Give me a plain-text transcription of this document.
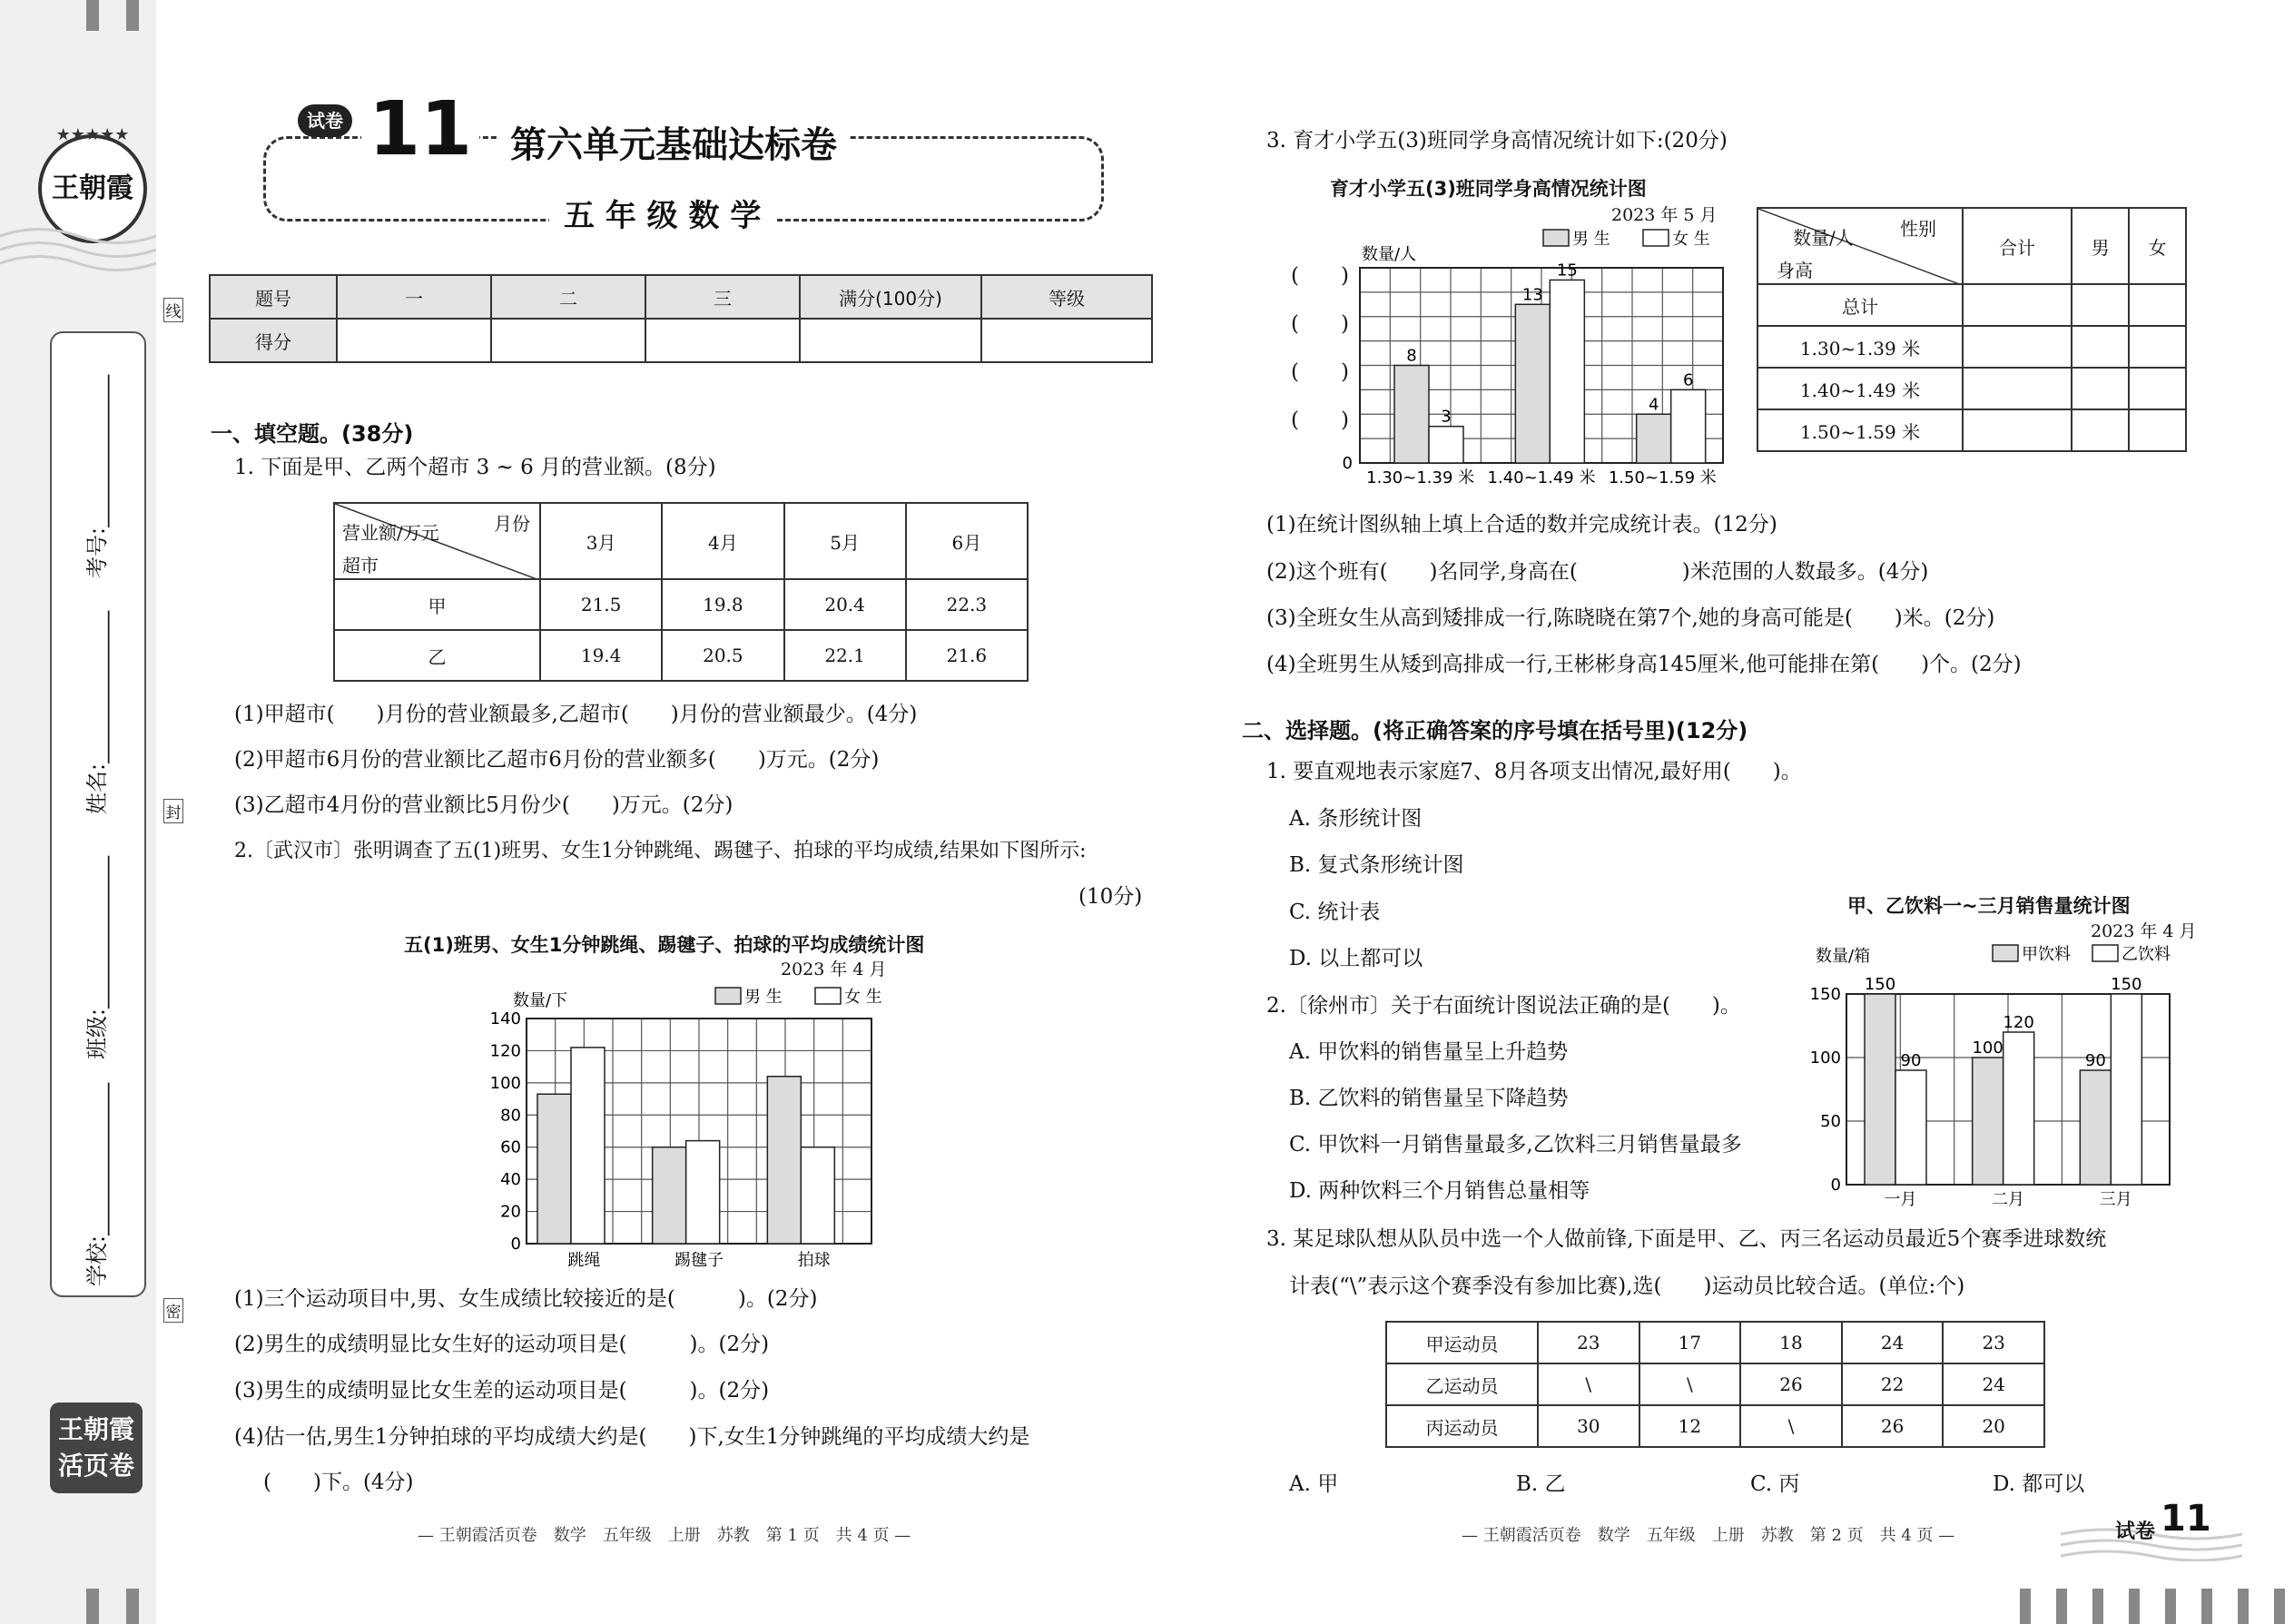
★★★★★
王朝霞
线
封
密
考号:______________
姓名:______________
班级:______________
学校:______________
王朝霞
活页卷
试卷 11	第六单元基础达标卷
五 年 级 数 学
题号	一	二	三	满分(100分)	等级
得分					
一、填空题。(38分)
1. 下面是甲、乙两个超市 3 ~ 6 月的营业额。(8分)
月份
营业额/万元
超市	3月	4月	5月	6月
甲	21.5	19.8	20.4	22.3
乙	19.4	20.5	22.1	21.6
(1)甲超市(　　)月份的营业额最多,乙超市(　　)月份的营业额最少。(4分)
(2)甲超市6月份的营业额比乙超市6月份的营业额多(　　)万元。(2分)
(3)乙超市4月份的营业额比5月份少(　　)万元。(2分)
2.〔武汉市〕张明调查了五(1)班男、女生1分钟跳绳、踢毽子、拍球的平均成绩,结果如下图所示:
(10分)
五(1)班男、女生1分钟跳绳、踢毽子、拍球的平均成绩统计图
2023 年 4 月
0
20
40
60
80
100
120
140
数量/下	男 生	女 生
跳绳	踢毽子	拍球
(1)三个运动项目中,男、女生成绩比较接近的是(　　　)。(2分)
(2)男生的成绩明显比女生好的运动项目是(　　　)。(2分)
(3)男生的成绩明显比女生差的运动项目是(　　　)。(2分)
(4)估一估,男生1分钟拍球的平均成绩大约是(　　)下,女生1分钟跳绳的平均成绩大约是
(　　)下。(4分)
— 王朝霞活页卷　数学　五年级　上册　苏教　第 1 页　共 4 页 —
3. 育才小学五(3)班同学身高情况统计如下:(20分)
育才小学五(3)班同学身高情况统计图
2023 年 5 月
0
数量/人
男 生	女 生
8
3
1.30~1.39 米
13
15
1.40~1.49 米
4
6
1.50~1.59 米
(　　)
(　　)
(　　)
(　　)
性别
数量/人
身高	合计	男	女
总计			
1.30~1.39 米			
1.40~1.49 米			
1.50~1.59 米			
(1)在统计图纵轴上填上合适的数并完成统计表。(12分)
(2)这个班有(　　)名同学,身高在(　　　　　)米范围的人数最多。(4分)
(3)全班女生从高到矮排成一行,陈晓晓在第7个,她的身高可能是(　　)米。(2分)
(4)全班男生从矮到高排成一行,王彬彬身高145厘米,他可能排在第(　　)个。(2分)
二、选择题。(将正确答案的序号填在括号里)(12分)
1. 要直观地表示家庭7、8月各项支出情况,最好用(　　)。
A. 条形统计图
B. 复式条形统计图
C. 统计表
D. 以上都可以
2.〔徐州市〕关于右面统计图说法正确的是(　　)。
A. 甲饮料的销售量呈上升趋势
B. 乙饮料的销售量呈下降趋势
C. 甲饮料一月销售量最多,乙饮料三月销售量最多
D. 两种饮料三个月销售总量相等
甲、乙饮料一~三月销售量统计图
2023 年 4 月
0
50
100
150
数量/箱	甲饮料	乙饮料
150
90
一月
100
120
二月
90
150
三月
3. 某足球队想从队员中选一个人做前锋,下面是甲、乙、丙三名运动员最近5个赛季进球数统
计表(“\”表示这个赛季没有参加比赛),选(　　)运动员比较合适。(单位:个)
甲运动员	23	17	18	24	23
乙运动员	\	\	26	22	24
丙运动员	30	12	\	26	20
A. 甲	B. 乙	C. 丙	D. 都可以
— 王朝霞活页卷　数学　五年级　上册　苏教　第 2 页　共 4 页 —	试卷 11
